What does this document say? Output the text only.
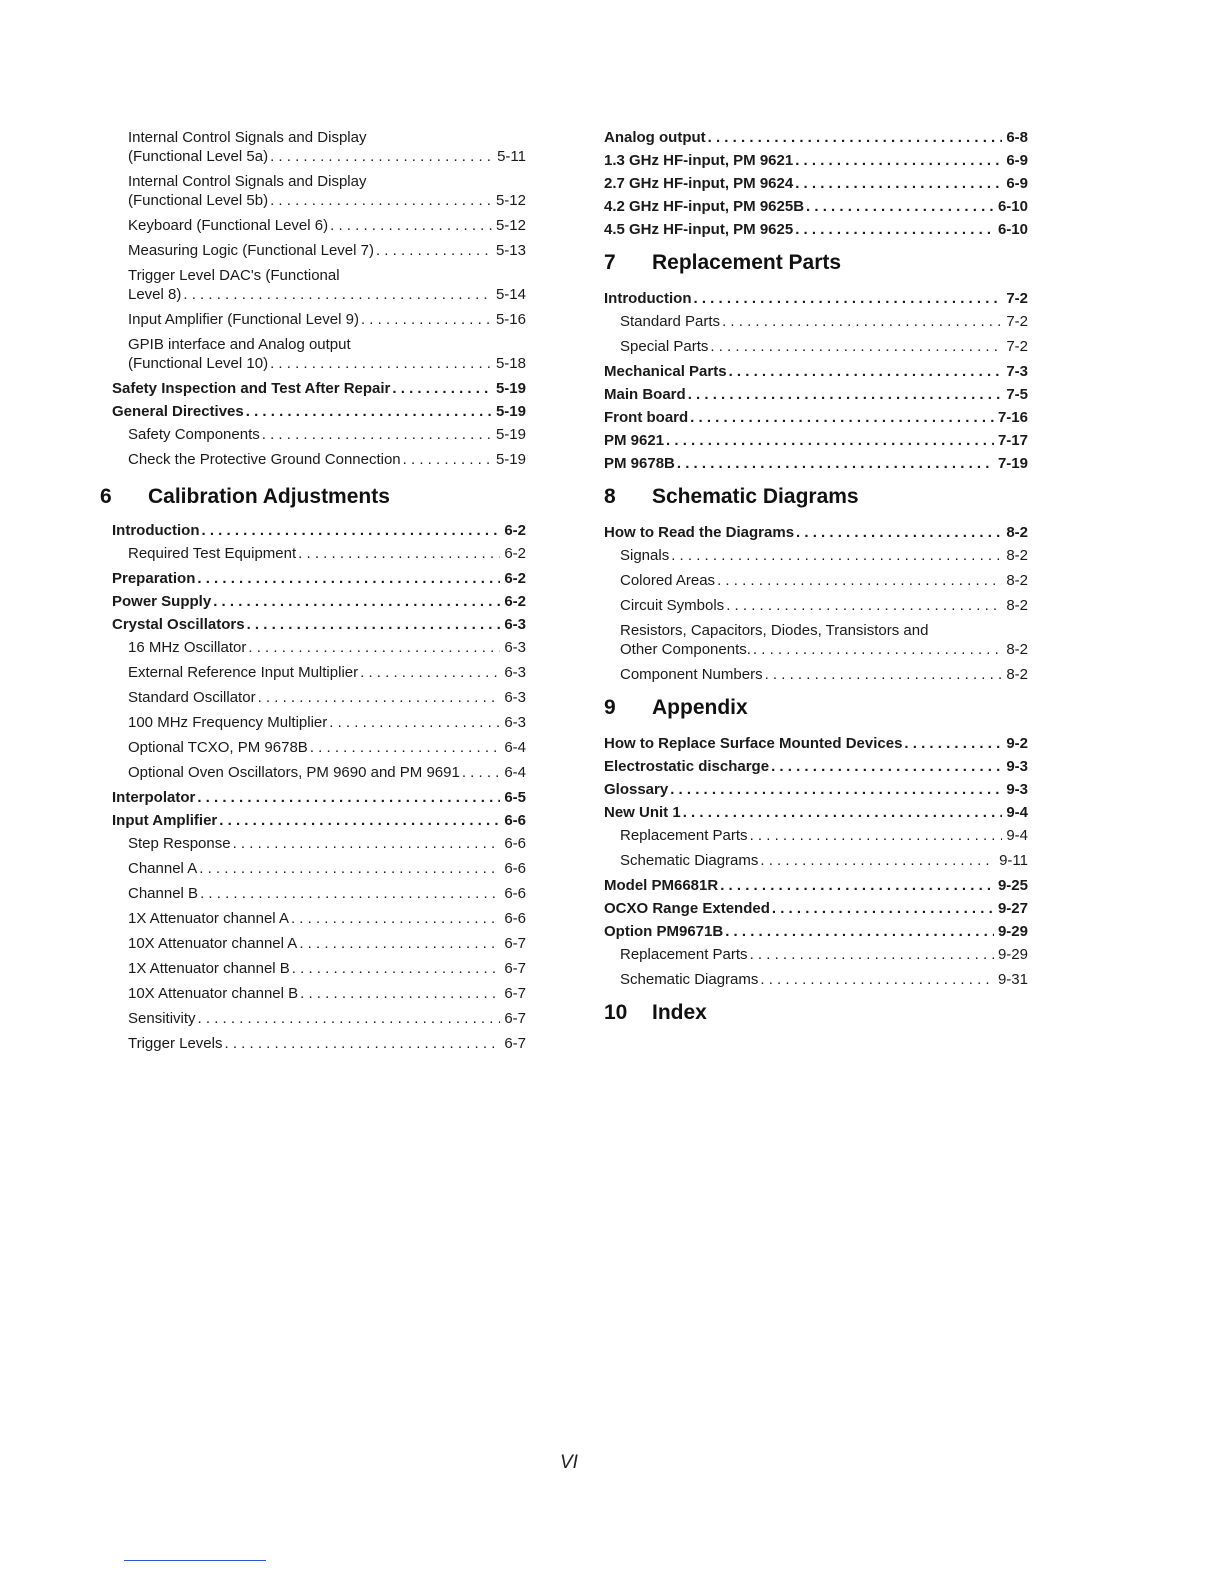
Internal Control Signals and Display
(Functional Level 5a) . . .	5-11
Internal Control Signals and Display
(Functional Level 5b) . . .	5-12
Keyboard (Functional Level 6) . . .	5-12
Measuring Logic (Functional Level 7) . . .	5-13
Trigger Level DAC's (Functional
Level 8) . . .	5-14
Input Amplifier (Functional Level 9) . . .	5-16
GPIB interface and Analog output
(Functional Level 10) . . .	5-18
Safety Inspection and Test After Repair . . .	5-19
General Directives . . .	5-19
Safety Components . . .	5-19
Check the Protective Ground Connection . . .	5-19
6	Calibration Adjustments
Introduction . . .	6-2
Required Test Equipment . . .	6-2
Preparation . . .	6-2
Power Supply . . .	6-2
Crystal Oscillators . . .	6-3
16 MHz Oscillator . . .	6-3
External Reference Input Multiplier . . .	6-3
Standard Oscillator . . .	6-3
100 MHz Frequency Multiplier . . .	6-3
Optional TCXO, PM 9678B . . .	6-4
Optional Oven Oscillators, PM 9690 and PM 9691 . . .	6-4
Interpolator . . .	6-5
Input Amplifier . . .	6-6
Step Response . . .	6-6
Channel A . . .	6-6
Channel B . . .	6-6
1X Attenuator channel A . . .	6-6
10X Attenuator channel A . . .	6-7
1X Attenuator channel B . . .	6-7
10X Attenuator channel B . . .	6-7
Sensitivity . . .	6-7
Trigger Levels . . .	6-7
Analog output . . .	6-8
1.3 GHz HF-input, PM 9621 . . .	6-9
2.7 GHz HF-input, PM 9624 . . .	6-9
4.2 GHz HF-input, PM 9625B . . .	6-10
4.5 GHz HF-input, PM 9625 . . .	6-10
7	Replacement Parts
Introduction . . .	7-2
Standard Parts . . .	7-2
Special Parts . . .	7-2
Mechanical Parts . . .	7-3
Main Board . . .	7-5
Front board . . .	7-16
PM 9621 . . .	7-17
PM 9678B . . .	7-19
8	Schematic Diagrams
How to Read the Diagrams . . .	8-2
Signals . . .	8-2
Colored Areas . . .	8-2
Circuit Symbols . . .	8-2
Resistors, Capacitors, Diodes, Transistors and
Other Components. . . .	8-2
Component Numbers . . .	8-2
9	Appendix
How to Replace Surface Mounted Devices . . .	9-2
Electrostatic discharge . . .	9-3
Glossary . . .	9-3
New Unit 1 . . .	9-4
Replacement Parts . . .	9-4
Schematic Diagrams . . .	9-11
Model PM6681R . . .	9-25
OCXO Range Extended . . .	9-27
Option PM9671B . . .	9-29
Replacement Parts . . .	9-29
Schematic Diagrams . . .	9-31
10	Index
VI
